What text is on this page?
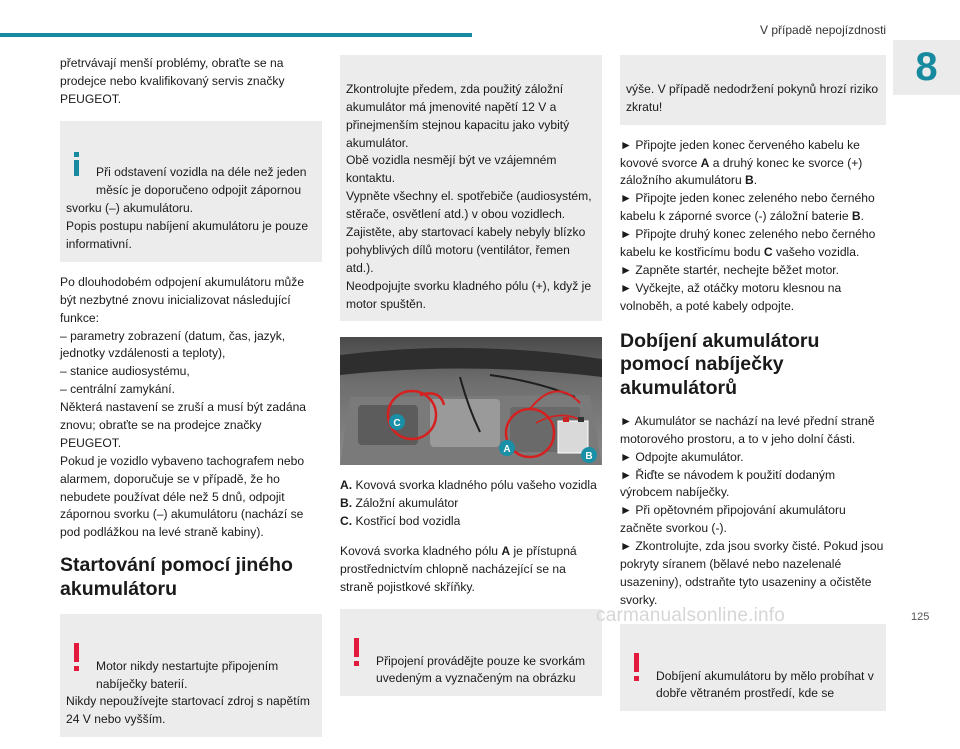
V případě nepojízdnosti
8

přetrvávají menší problémy, obraťte se na prodejce nebo kvalifikovaný servis značky PEUGEOT.

Při odstavení vozidla na déle než jeden měsíc je doporučeno odpojit zápornou svorku (–) akumulátoru.
Popis postupu nabíjení akumulátoru je pouze informativní.

Po dlouhodobém odpojení akumulátoru může být nezbytné znovu inicializovat následující funkce:
– parametry zobrazení (datum, čas, jazyk, jednotky vzdálenosti a teploty),
– stanice audiosystému,
– centrální zamykání.
Některá nastavení se zruší a musí být zadána znovu; obraťte se na prodejce značky PEUGEOT.
Pokud je vozidlo vybaveno tachografem nebo alarmem, doporučuje se v případě, že ho nebudete používat déle než 5 dnů, odpojit zápornou svorku (–) akumulátoru (nachází se pod podlážkou na levé straně kabiny).

Startování pomocí jiného akumulátoru

Motor nikdy nestartujte připojením nabíječky baterií.
Nikdy nepoužívejte startovací zdroj s napětím 24 V nebo vyšším.

Zkontrolujte předem, zda použitý záložní akumulátor má jmenovité napětí 12 V a přinejmenším stejnou kapacitu jako vybitý akumulátor.
Obě vozidla nesmějí být ve vzájemném kontaktu.
Vypněte všechny el. spotřebiče (audiosystém, stěrače, osvětlení atd.) v obou vozidlech.
Zajistěte, aby startovací kabely nebyly blízko pohyblivých dílů motoru (ventilátor, řemen atd.).
Neodpojujte svorku kladného pólu (+), když je motor spuštěn.

C
A
B

A. Kovová svorka kladného pólu vašeho vozidla

B. Záložní akumulátor

C. Kostřicí bod vozidla

Kovová svorka kladného pólu A je přístupná prostřednictvím chlopně nacházející se na straně pojistkové skříňky.

Připojení provádějte pouze ke svorkám uvedeným a vyznačeným na obrázku

výše. V případě nedodržení pokynů hrozí riziko zkratu!

► Připojte jeden konec červeného kabelu ke kovové svorce A a druhý konec ke svorce (+) záložního akumulátoru B.

► Připojte jeden konec zeleného nebo černého kabelu k záporné svorce (-) záložní baterie B.

► Připojte druhý konec zeleného nebo černého kabelu ke kostřicímu bodu C vašeho vozidla.

► Zapněte startér, nechejte běžet motor.

► Vyčkejte, až otáčky motoru klesnou na volnoběh, a poté kabely odpojte.

Dobíjení akumulátoru pomocí nabíječky akumulátorů

► Akumulátor se nachází na levé přední straně motorového prostoru, a to v jeho dolní části.

► Odpojte akumulátor.

► Řiďte se návodem k použití dodaným výrobcem nabíječky.

► Při opětovném připojování akumulátoru začněte svorkou (-).

► Zkontrolujte, zda jsou svorky čisté. Pokud jsou pokryty síranem (bělavé nebo nazelenalé usazeniny), odstraňte tyto usazeniny a očistěte svorky.

Dobíjení akumulátoru by mělo probíhat v dobře větraném prostředí, kde se

carmanualsonline.info	125
